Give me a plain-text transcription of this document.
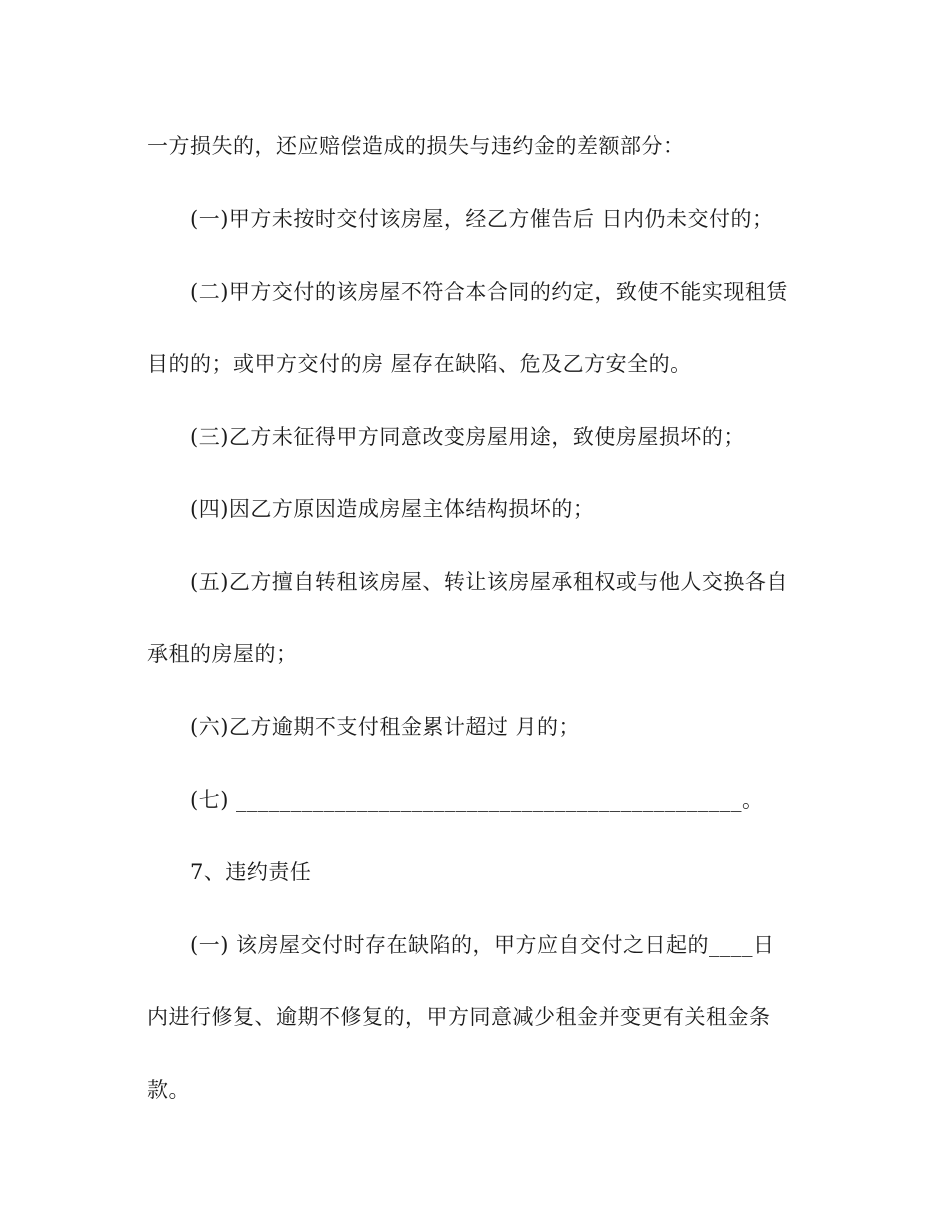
一方损失的，还应赔偿造成的损失与违约金的差额部分：
(一)甲方未按时交付该房屋，经乙方催告后 日内仍未交付的；
(二)甲方交付的该房屋不符合本合同的约定，致使不能实现租赁
目的的；或甲方交付的房 屋存在缺陷、危及乙方安全的。
(三)乙方未征得甲方同意改变房屋用途，致使房屋损坏的；
(四)因乙方原因造成房屋主体结构损坏的；
(五)乙方擅自转租该房屋、转让该房屋承租权或与他人交换各自
承租的房屋的；
(六)乙方逾期不支付租金累计超过 月的；
(七) ______________________________________________。
7、违约责任
(一) 该房屋交付时存在缺陷的，甲方应自交付之日起的____日
内进行修复、逾期不修复的，甲方同意减少租金并变更有关租金条
款。
